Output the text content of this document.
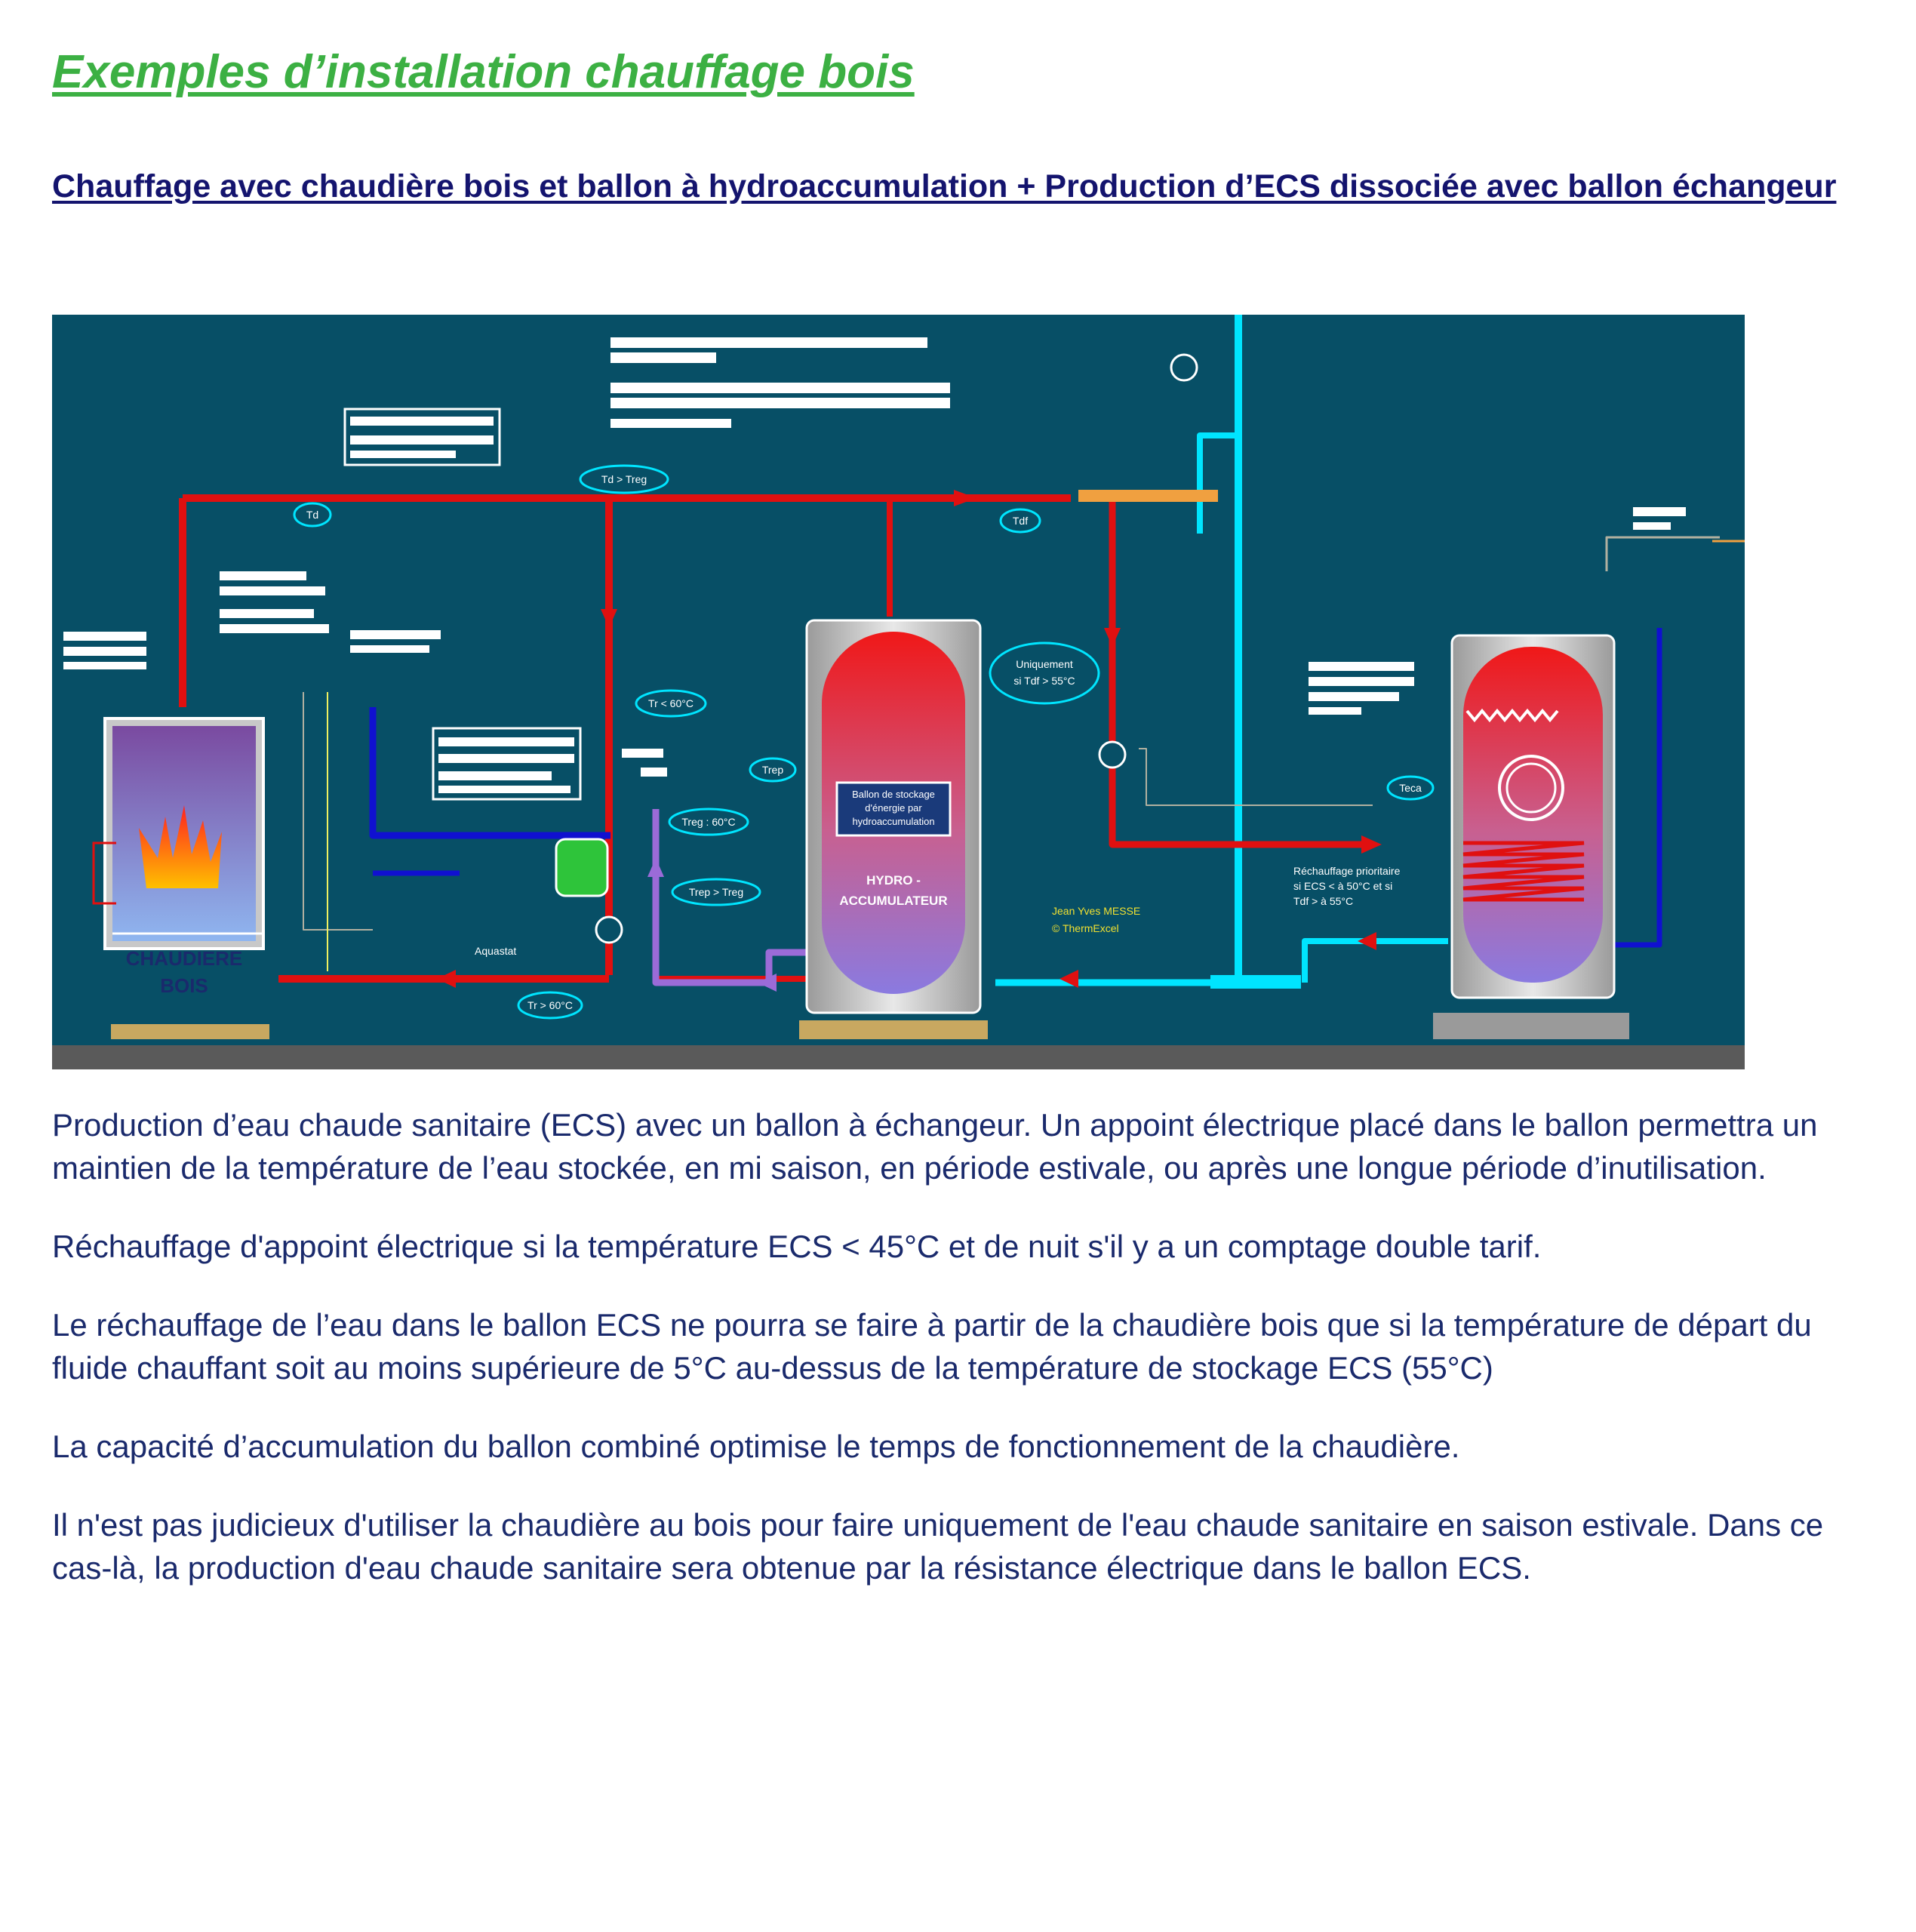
Exemples d’installation chauffage bois
Chauffage avec chaudière bois et ballon à hydroaccumulation + Production d’ECS dissociée avec ballon échangeur
CHAUDIERE
BOIS
Ballon de stockage
d'énergie par
hydroaccumulation
HYDRO -
ACCUMULATEUR
Td > Treg
Td	Tdf
Tr < 60°C
Trep
Treg : 60°C
Trep > Treg
Tr > 60°C
Teca
Uniquement
si Tdf > 55°C
Aquastat
Jean Yves MESSE
© ThermExcel
Réchauffage prioritaire
si ECS < à 50°C et si
Tdf > à 55°C

Production d’eau chaude sanitaire (ECS) avec un ballon à échangeur. Un appoint électrique placé dans le ballon permettra un maintien de la température de l’eau stockée, en mi saison, en période estivale, ou après une longue période d’inutilisation.

Réchauffage d'appoint électrique si la température ECS < 45°C et de nuit s'il y a un comptage double tarif.

Le réchauffage de l’eau dans le ballon ECS ne pourra se faire à partir de la chaudière bois que si la température de départ du fluide chauffant soit au moins supérieure de 5°C au-dessus de la température de stockage ECS (55°C)

La capacité d’accumulation du ballon combiné optimise le temps de fonctionnement de la chaudière.

Il n'est pas judicieux d'utiliser la chaudière au bois pour faire uniquement de l'eau chaude sanitaire en saison estivale. Dans ce cas-là, la production d'eau chaude sanitaire sera obtenue par la résistance électrique dans le ballon ECS.
